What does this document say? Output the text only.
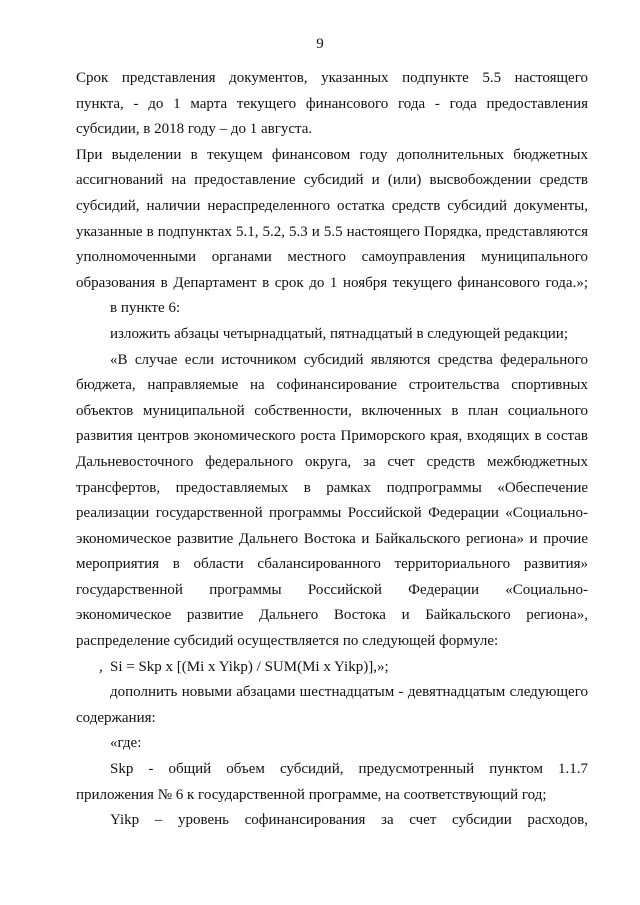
9
Срок представления документов, указанных подпункте 5.5 настоящего
пункта, - до 1 марта текущего финансового года - года предоставления
субсидии, в 2018 году – до 1 августа.
При выделении в текущем финансовом году дополнительных бюджетных
ассигнований на предоставление субсидий и (или) высвобождении средств
субсидий, наличии нераспределенного остатка средств субсидий документы,
указанные в подпунктах 5.1, 5.2, 5.3 и 5.5 настоящего Порядка, представляются
уполномоченными органами местного самоуправления муниципального
образования в Департамент в срок до 1 ноября текущего финансового года.»;
в пункте 6:
изложить абзацы четырнадцатый, пятнадцатый в следующей редакции;
«В случае если источником субсидий являются средства федерального
бюджета, направляемые на софинансирование строительства спортивных
объектов муниципальной собственности, включенных в план социального
развития центров экономического роста Приморского края, входящих в состав
Дальневосточного федерального округа, за счет средств межбюджетных
трансфертов, предоставляемых в рамках подпрограммы «Обеспечение
реализации государственной программы Российской Федерации «Социально-
экономическое развитие Дальнего Востока и Байкальского региона» и прочие
мероприятия в области сбалансированного территориального развития»
государственной программы Российской Федерации «Социально-
экономическое развитие Дальнего Востока и Байкальского региона»,
распределение субсидий осуществляется по следующей формуле:
, Si = Skp x [(Mi x Yikp) / SUM(Mi x Yikp)],»;
дополнить новыми абзацами шестнадцатым - девятнадцатым следующего
содержания:
«где:
Skp - общий объем субсидий, предусмотренный пунктом 1.1.7
приложения № 6 к государственной программе, на соответствующий год;
Yikp – уровень софинансирования за счет субсидии расходов,
